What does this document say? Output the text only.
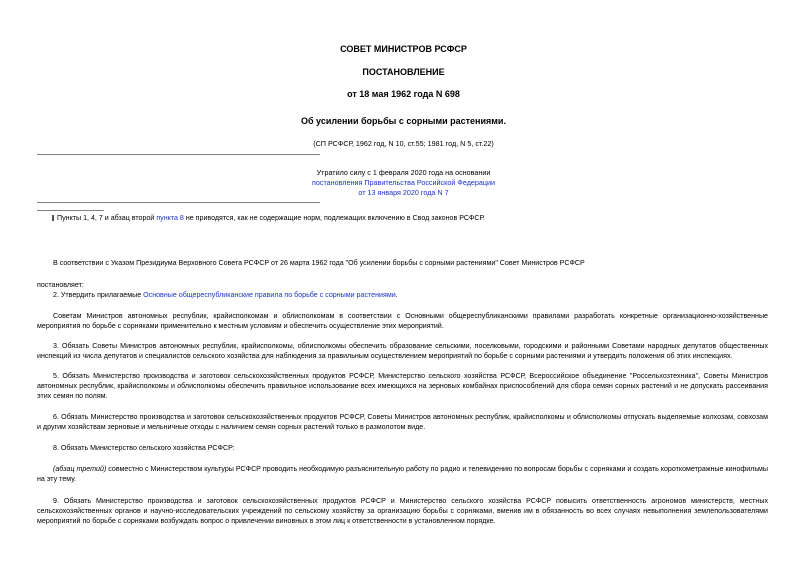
СОВЕТ МИНИСТРОВ РСФСР
ПОСТАНОВЛЕНИЕ
от 18 мая 1962 года N 698
Об усилении борьбы с сорными растениями.
(СП РСФСР, 1962 год, N 10, ст.55; 1981 год, N 5, ст.22)
Утратило силу с 1 февраля 2020 года на основании
постановления Правительства Российской Федерации
от 13 января 2020 года N 7
Пункты 1, 4, 7 и абзац второй пункта 8 не приводятся, как не содержащие норм, подлежащих включению в Свод законов РСФСР.
В соответствии с Указом Президиума Верховного Совета РСФСР от 26 марта 1962 года "Об усилении борьбы с сорными растениями" Совет Министров РСФСР
постановляет:
2. Утвердить прилагаемые Основные общереспубликанские правила по борьбе с сорными растениями.
Советам Министров автономных республик, крайисполкомам и облисполкомам в соответствии с Основными общереспубликанскими правилами разработать конкретные организационно-хозяйственные мероприятия по борьбе с сорняками применительно к местным условиям и обеспечить осуществление этих мероприятий.
3. Обязать Советы Министров автономных республик, крайисполкомы, облисполкомы обеспечить образование сельскими, поселковыми, городскими и районными Советами народных депутатов общественных инспекций из числа депутатов и специалистов сельского хозяйства для наблюдения за правильным осуществлением мероприятий по борьбе с сорными растениями и утвердить положения об этих инспекциях.
5. Обязать Министерство производства и заготовок сельскохозяйственных продуктов РСФСР, Министерство сельского хозяйства РСФСР, Всероссийское объединение "Россельхозтехника", Советы Министров автономных республик, крайисполкомы и облисполкомы обеспечить правильное использование всех имеющихся на зерновых комбайнах приспособлений для сбора семян сорных растений и не допускать рассеивания этих семян по полям.
6. Обязать Министерство производства и заготовок сельскохозяйственных продуктов РСФСР, Советы Министров автономных республик, крайисполкомы и облисполкомы отпускать выделяемые колхозам, совхозам и другим хозяйствам зерновые и мельничные отходы с наличием семян сорных растений только в размолотом виде.
8. Обязать Министерство сельского хозяйства РСФСР:
(абзац третий) совместно с Министерством культуры РСФСР проводить необходимую разъяснительную работу по радио и телевидению по вопросам борьбы с сорняками и создать короткометражные кинофильмы на эту тему.
9. Обязать Министерство производства и заготовок сельскохозяйственных продуктов РСФСР и Министерство сельского хозяйства РСФСР повысить ответственность агрономов министерств, местных сельскохозяйственных органов и научно-исследовательских учреждений по сельскому хозяйству за организацию борьбы с сорняками, вменив им в обязанность во всех случаях невыполнения землепользователями мероприятий по борьбе с сорняками возбуждать вопрос о привлечении виновных в этом лиц к ответственности в установленном порядке.
